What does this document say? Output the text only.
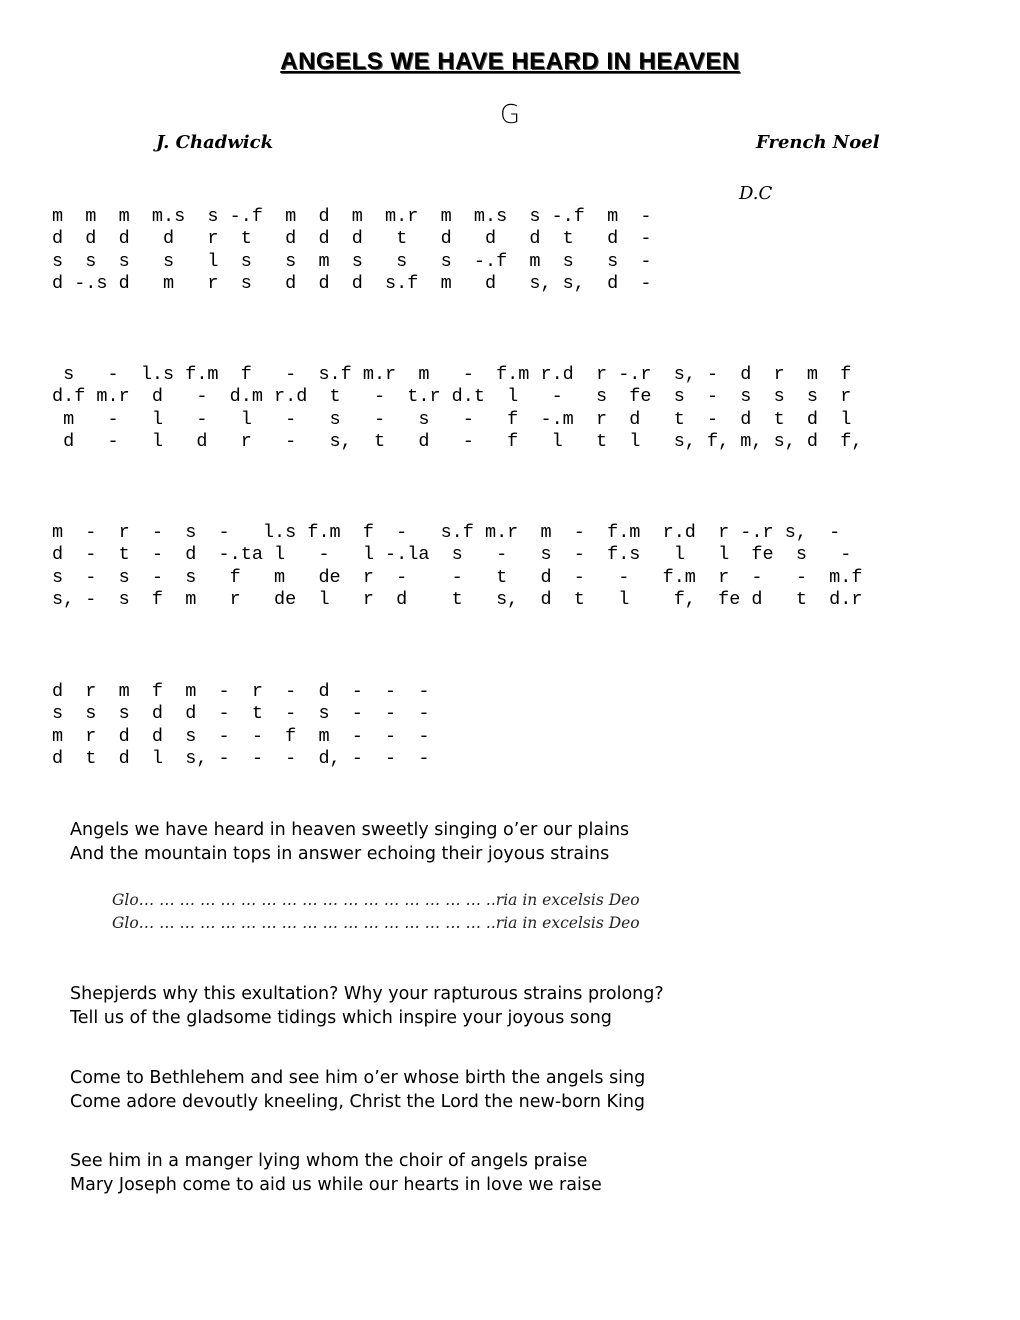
ANGELS WE HAVE HEARD IN HEAVEN
G
J. Chadwick	French Noel
D.C
m  m  m  m.s  s -.f  m  d  m  m.r  m  m.s  s -.f  m  -
d  d  d   d   r  t   d  d  d   t   d   d   d  t   d  -
s  s  s   s   l  s   s  m  s   s   s  -.f  m  s   s  -
d -.s d   m   r  s   d  d  d  s.f  m   d   s, s,  d  -
s   -  l.s f.m  f   -  s.f m.r  m   -  f.m r.d  r -.r  s, -  d  r  m  f
d.f m.r  d   -  d.m r.d  t   -  t.r d.t  l   -   s  fe  s  -  s  s  s  r
m   -   l   -   l   -   s   -   s   -   f  -.m  r  d   t  -  d  t  d  l
d   -   l   d   r   -   s,  t   d   -   f   l   t  l   s, f, m, s, d  f,
m  -  r  -  s  -   l.s f.m  f  -   s.f m.r  m  -  f.m  r.d  r -.r s,  -
d  -  t  -  d  -.ta l   -   l -.la  s   -   s  -  f.s   l   l  fe  s   -
s  -  s  -  s   f   m   de  r  -    -   t   d  -   -   f.m  r  -   -  m.f
s, -  s  f  m   r   de  l   r  d    t   s,  d  t   l    f,  fe d   t  d.r
d  r  m  f  m  -  r  -  d  -  -  -
s  s  s  d  d  -  t  -  s  -  -  -
m  r  d  d  s  -  -  f  m  -  -  -
d  t  d  l  s, -  -  -  d, -  -  -
Angels we have heard in heaven sweetly singing o’er our plains
And the mountain tops in answer echoing their joyous strains
Glo… … … … … … … … … … … … … … … … … ..ria in excelsis Deo
Glo… … … … … … … … … … … … … … … … … ..ria in excelsis Deo
Shepjerds why this exultation? Why your rapturous strains prolong?
Tell us of the gladsome tidings which inspire your joyous song
Come to Bethlehem and see him o’er whose birth the angels sing
Come adore devoutly kneeling, Christ the Lord the new-born King
See him in a manger lying whom the choir of angels praise
Mary Joseph come to aid us while our hearts in love we raise
